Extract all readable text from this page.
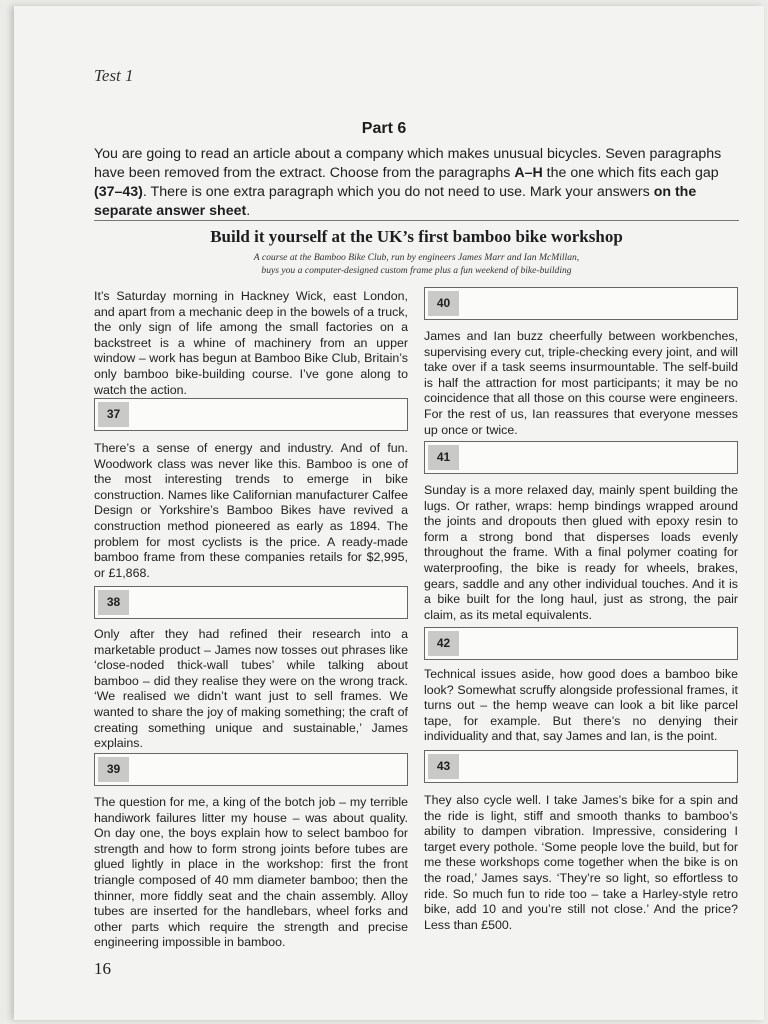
Test 1
Part 6
You are going to read an article about a company which makes unusual bicycles. Seven paragraphs have been removed from the extract. Choose from the paragraphs A–H the one which fits each gap (37–43). There is one extra paragraph which you do not need to use. Mark your answers on the separate answer sheet.
Build it yourself at the UK’s first bamboo bike workshop
A course at the Bamboo Bike Club, run by engineers James Marr and Ian McMillan,
buys you a computer-designed custom frame plus a fun weekend of bike-building

It’s Saturday morning in Hackney Wick, east London, and apart from a mechanic deep in the bowels of a truck, the only sign of life among the small factories on a backstreet is a whine of machinery from an upper window – work has begun at Bamboo Bike Club, Britain’s only bamboo bike-building course. I’ve gone along to watch the action.

37

There’s a sense of energy and industry. And of fun. Woodwork class was never like this. Bamboo is one of the most interesting trends to emerge in bike construction. Names like Californian manufacturer Calfee Design or Yorkshire’s Bamboo Bikes have revived a construction method pioneered as early as 1894. The problem for most cyclists is the price. A ready-made bamboo frame from these companies retails for $2,995, or £1,868.

38

Only after they had refined their research into a marketable product – James now tosses out phrases like ‘close-noded thick-wall tubes’ while talking about bamboo – did they realise they were on the wrong track. ‘We realised we didn’t want just to sell frames. We wanted to share the joy of making something; the craft of creating something unique and sustainable,’ James explains.

39

The question for me, a king of the botch job – my terrible handiwork failures litter my house – was about quality. On day one, the boys explain how to select bamboo for strength and how to form strong joints before tubes are glued lightly in place in the workshop: first the front triangle composed of 40 mm diameter bamboo; then the thinner, more fiddly seat and the chain assembly. Alloy tubes are inserted for the handlebars, wheel forks and other parts which require the strength and precise engineering impossible in bamboo.

40

James and Ian buzz cheerfully between workbenches, supervising every cut, triple-checking every joint, and will take over if a task seems insurmountable. The self-build is half the attraction for most participants; it may be no coincidence that all those on this course were engineers. For the rest of us, Ian reassures that everyone messes up once or twice.

41

Sunday is a more relaxed day, mainly spent building the lugs. Or rather, wraps: hemp bindings wrapped around the joints and dropouts then glued with epoxy resin to form a strong bond that disperses loads evenly throughout the frame. With a final polymer coating for waterproofing, the bike is ready for wheels, brakes, gears, saddle and any other individual touches. And it is a bike built for the long haul, just as strong, the pair claim, as its metal equivalents.

42

Technical issues aside, how good does a bamboo bike look? Somewhat scruffy alongside professional frames, it turns out – the hemp weave can look a bit like parcel tape, for example. But there’s no denying their individuality and that, say James and Ian, is the point.

43

They also cycle well. I take James’s bike for a spin and the ride is light, stiff and smooth thanks to bamboo’s ability to dampen vibration. Impressive, considering I target every pothole. ‘Some people love the build, but for me these workshops come together when the bike is on the road,’ James says. ‘They’re so light, so effortless to ride. So much fun to ride too – take a Harley-style retro bike, add 10 and you’re still not close.’ And the price? Less than £500.

16
